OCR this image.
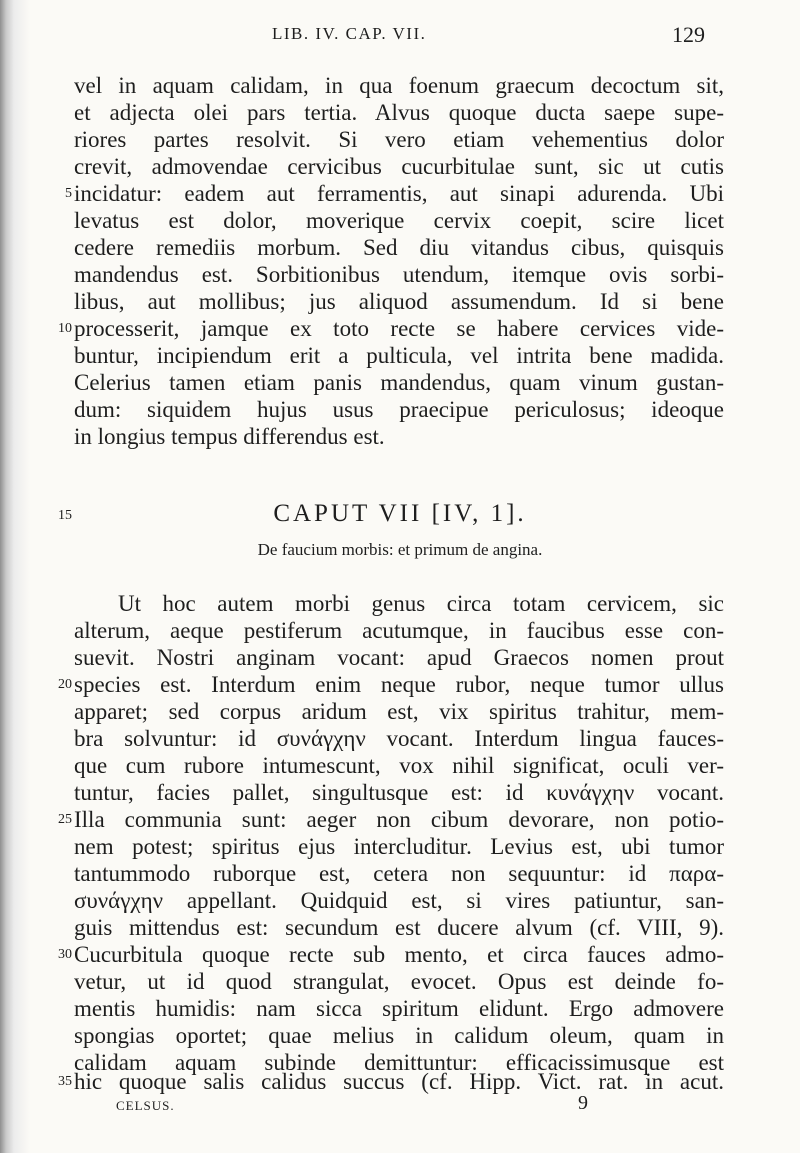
LIB. IV. CAP. VII.	129
vel in aquam calidam, in qua foenum graecum decoctum sit,
et adjecta olei pars tertia. Alvus quoque ducta saepe supe-
riores partes resolvit. Si vero etiam vehementius dolor
crevit, admovendae cervicibus cucurbitulae sunt, sic ut cutis
incidatur: eadem aut ferramentis, aut sinapi adurenda. Ubi
levatus est dolor, moverique cervix coepit, scire licet
cedere remediis morbum. Sed diu vitandus cibus, quisquis
mandendus est. Sorbitionibus utendum, itemque ovis sorbi-
libus, aut mollibus; jus aliquod assumendum. Id si bene
processerit, jamque ex toto recte se habere cervices vide-
buntur, incipiendum erit a pulticula, vel intrita bene madida.
Celerius tamen etiam panis mandendus, quam vinum gustan-
dum: siquidem hujus usus praecipue periculosus; ideoque
in longius tempus differendus est.
5
10
15	CAPUT VII [IV, 1].
De faucium morbis: et primum de angina.
Ut hoc autem morbi genus circa totam cervicem, sic
alterum, aeque pestiferum acutumque, in faucibus esse con-
suevit. Nostri anginam vocant: apud Graecos nomen prout
species est. Interdum enim neque rubor, neque tumor ullus
apparet; sed corpus aridum est, vix spiritus trahitur, mem-
bra solvuntur: id συνάγχην vocant. Interdum lingua fauces-
que cum rubore intumescunt, vox nihil significat, oculi ver-
tuntur, facies pallet, singultusque est: id κυνάγχην vocant.
Illa communia sunt: aeger non cibum devorare, non potio-
nem potest; spiritus ejus intercluditur. Levius est, ubi tumor
tantummodo ruborque est, cetera non sequuntur: id παρα-
συνάγχην appellant. Quidquid est, si vires patiuntur, san-
guis mittendus est: secundum est ducere alvum (cf. VIII, 9).
Cucurbitula quoque recte sub mento, et circa fauces admo-
vetur, ut id quod strangulat, evocet. Opus est deinde fo-
mentis humidis: nam sicca spiritum elidunt. Ergo admovere
spongias oportet; quae melius in calidum oleum, quam in
calidam aquam subinde demittuntur: efficacissimusque est
hic quoque salis calidus succus (cf. Hipp. Vict. rat. in acut.
20
25
30
35
CELSUS.	9
